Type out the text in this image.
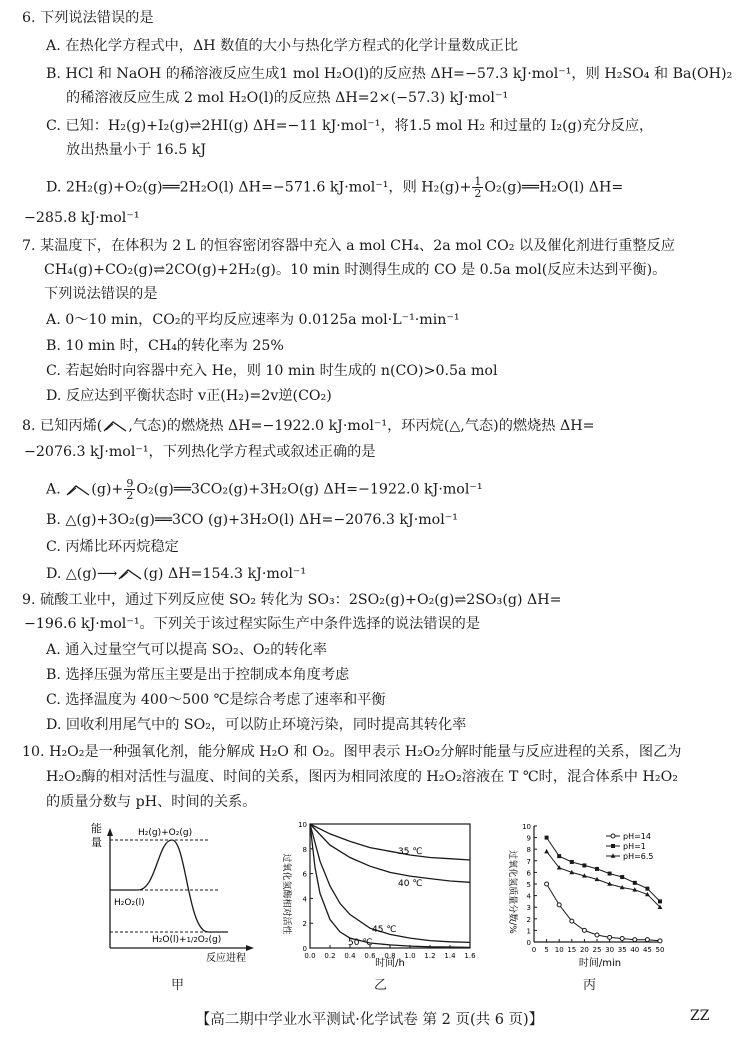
6. 下列说法错误的是
A. 在热化学方程式中，ΔH 数值的大小与热化学方程式的化学计量数成正比
B. HCl 和 NaOH 的稀溶液反应生成1 mol H₂O(l)的反应热 ΔH=−57.3 kJ·mol⁻¹，则 H₂SO₄ 和 Ba(OH)₂
的稀溶液反应生成 2 mol H₂O(l)的反应热 ΔH=2×(−57.3) kJ·mol⁻¹
C. 已知：H₂(g)+I₂(g)⇌2HI(g) ΔH=−11 kJ·mol⁻¹，将1.5 mol H₂ 和过量的 I₂(g)充分反应，
放出热量小于 16.5 kJ
D. 2H₂(g)+O₂(g)══2H₂O(l) ΔH=−571.6 kJ·mol⁻¹，则 $H_2(g)+ \frac{1}{2}$ O₂(g)══H₂O(l) ΔH=
−285.8 kJ·mol⁻¹
7. 某温度下，在体积为 2 L 的恒容密闭容器中充入 a mol CH₄、2a mol CO₂ 以及催化剂进行重整反应
CH₄(g)+CO₂(g)⇌2CO(g)+2H₂(g)。10 min 时测得生成的 CO 是 0.5a mol(反应未达到平衡)。
下列说法错误的是
A. 0～10 min，CO₂的平均反应速率为 0.0125a mol·L⁻¹·min⁻¹
B. 10 min 时，CH₄的转化率为 25%
C. 若起始时向容器中充入 He，则 10 min 时生成的 n(CO)>0.5a mol
D. 反应达到平衡状态时 v正(H₂)=2v逆(CO₂)
8. 已知丙烯( ,气态)的燃烧热 ΔH=−1922.0 kJ·mol⁻¹，环丙烷(△,气态)的燃烧热 ΔH=
−2076.3 kJ·mol⁻¹，下列热化学方程式或叙述正确的是
A. $(g)+ \frac{9}{2}$ O₂(g)══3CO₂(g)+3H₂O(g) ΔH=−1922.0 kJ·mol⁻¹
B. △(g)+3O₂(g)══3CO (g)+3H₂O(l) ΔH=−2076.3 kJ·mol⁻¹
C. 丙烯比环丙烷稳定
D. △(g)⟶ (g) ΔH=154.3 kJ·mol⁻¹
9. 硫酸工业中，通过下列反应使 SO₂ 转化为 SO₃：2SO₂(g)+O₂(g)⇌2SO₃(g) ΔH=
−196.6 kJ·mol⁻¹。下列关于该过程实际生产中条件选择的说法错误的是
A. 通入过量空气可以提高 SO₂、O₂的转化率
B. 选择压强为常压主要是出于控制成本角度考虑
C. 选择温度为 400～500 ℃是综合考虑了速率和平衡
D. 回收利用尾气中的 SO₂，可以防止环境污染，同时提高其转化率
10. H₂O₂是一种强氧化剂，能分解成 H₂O 和 O₂。图甲表示 H₂O₂分解时能量与反应进程的关系，图乙为
H₂O₂酶的相对活性与温度、时间的关系，图丙为相同浓度的 H₂O₂溶液在 T ℃时，混合体系中 H₂O₂
的质量分数与 pH、时间的关系。
能
量
H₂(g)+O₂(g)
H₂O₂(l)
H₂O(l)+1/2O₂(g)
反应进程
甲
过氧化氢酶相对活性
0.0 0.2 0.4 0.6 0.8 1.0 1.2 1.4 1.6
0
2
4
6
8
10
35 ℃
40 ℃
45 ℃
50 ℃
时间/h
乙
过氧化氢质量分数/%
0 5 10 15 20 25 30 35 40 45 50
0
1
2
3
4
5
6
7
8
9
10
pH=14
pH=1
pH=6.5
时间/min
丙
【高二期中学业水平测试·化学试卷 第 2 页(共 6 页)】	ZZ
